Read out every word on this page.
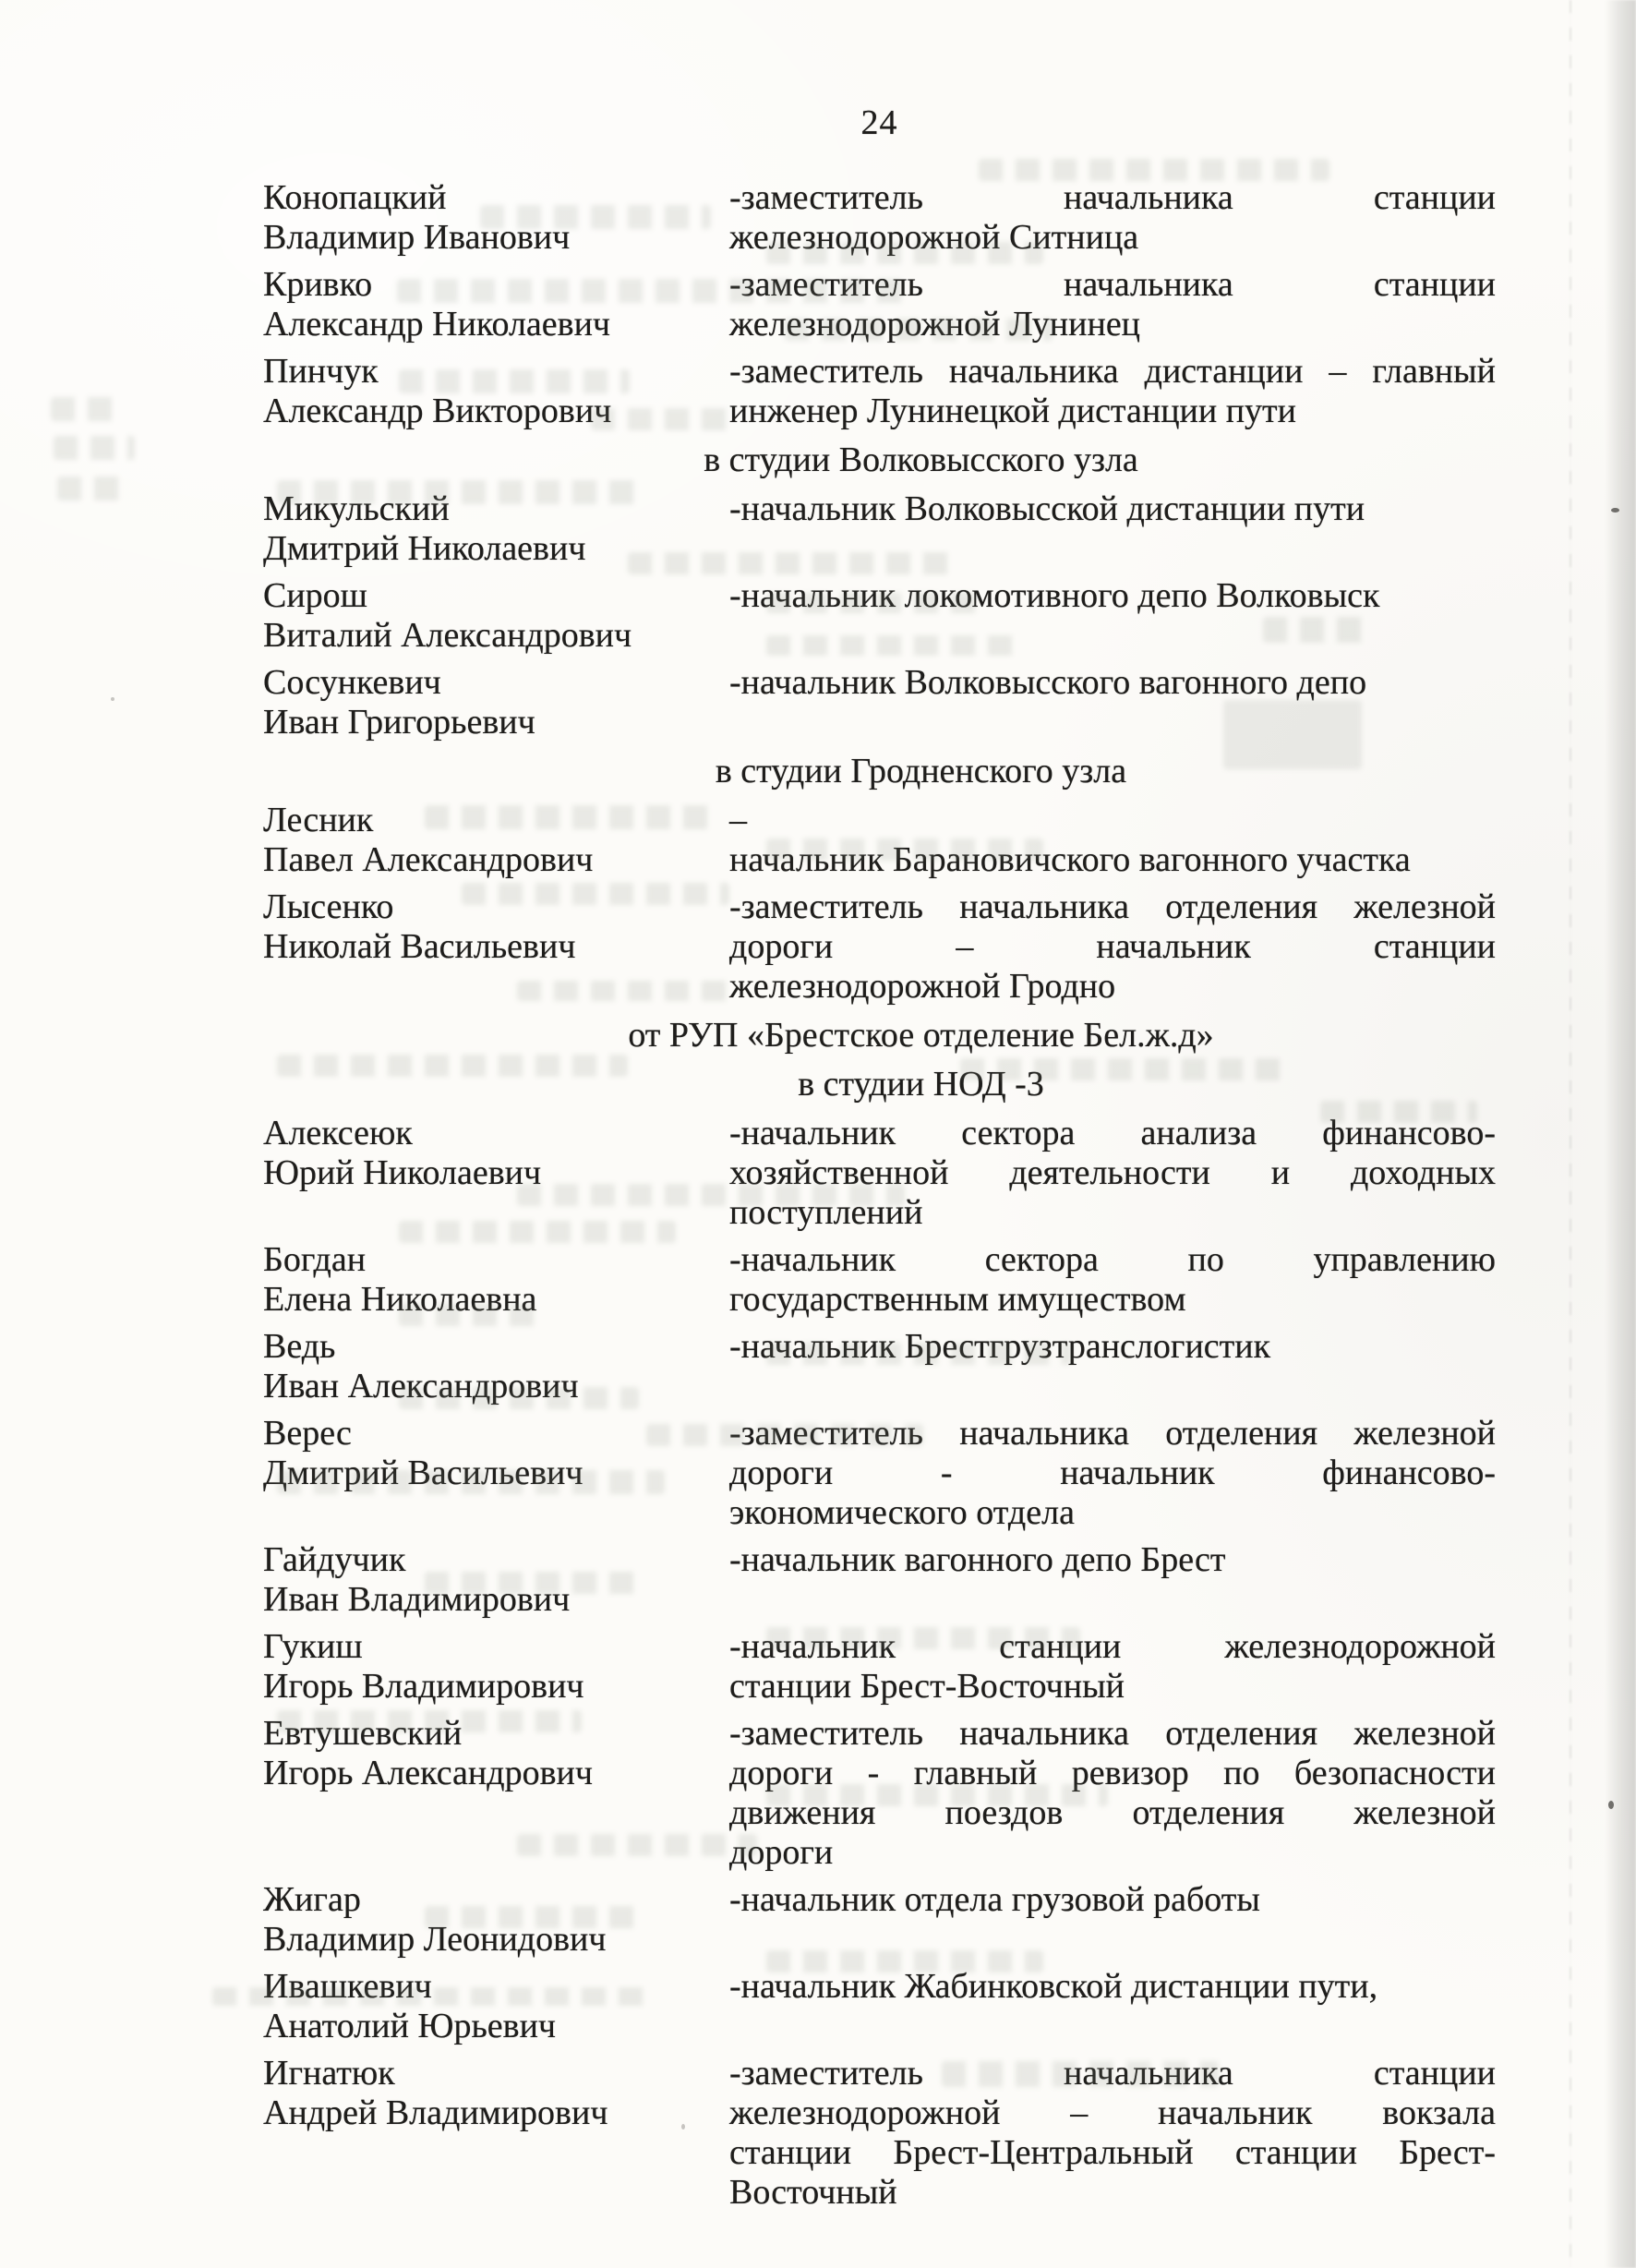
24
Конопацкий
Владимир Иванович
-заместитель начальника станции
железнодорожной Ситница
Кривко
Александр Николаевич
-заместитель начальника станции
железнодорожной Лунинец
Пинчук
Александр Викторович
-заместитель начальника дистанции – главный
инженер Лунинецкой дистанции пути
в студии Волковысского узла
Микульский
Дмитрий Николаевич
-начальник Волковысской дистанции пути
Сирош
Виталий Александрович
-начальник локомотивного депо Волковыск
Сосункевич
Иван Григорьевич
-начальник Волковысского вагонного депо
в студии Гродненского узла
Лесник
Павел Александрович
–
начальник Барановичского вагонного участка
Лысенко
Николай Васильевич
-заместитель начальника отделения железной
дороги – начальник станции
железнодорожной Гродно
от РУП «Брестское отделение Бел.ж.д»
в студии НОД -3
Алексеюк
Юрий Николаевич
-начальник сектора анализа финансово-
хозяйственной деятельности и доходных
поступлений
Богдан
Елена Николаевна
-начальник сектора по управлению
государственным имуществом
Ведь
Иван Александрович
-начальник Брестгрузтранслогистик
Верес
Дмитрий Васильевич
-заместитель начальника отделения железной
дороги - начальник финансово-
экономического отдела
Гайдучик
Иван Владимирович
-начальник вагонного депо Брест
Гукиш
Игорь Владимирович
-начальник станции железнодорожной
станции Брест-Восточный
Евтушевский
Игорь Александрович
-заместитель начальника отделения железной
дороги - главный ревизор по безопасности
движения поездов отделения железной
дороги
Жигар
Владимир Леонидович
-начальник отдела грузовой работы
Ивашкевич
Анатолий Юрьевич
-начальник Жабинковской дистанции пути,
Игнатюк
Андрей Владимирович
-заместитель начальника станции
железнодорожной – начальник вокзала
станции Брест-Центральный станции Брест-
Восточный
